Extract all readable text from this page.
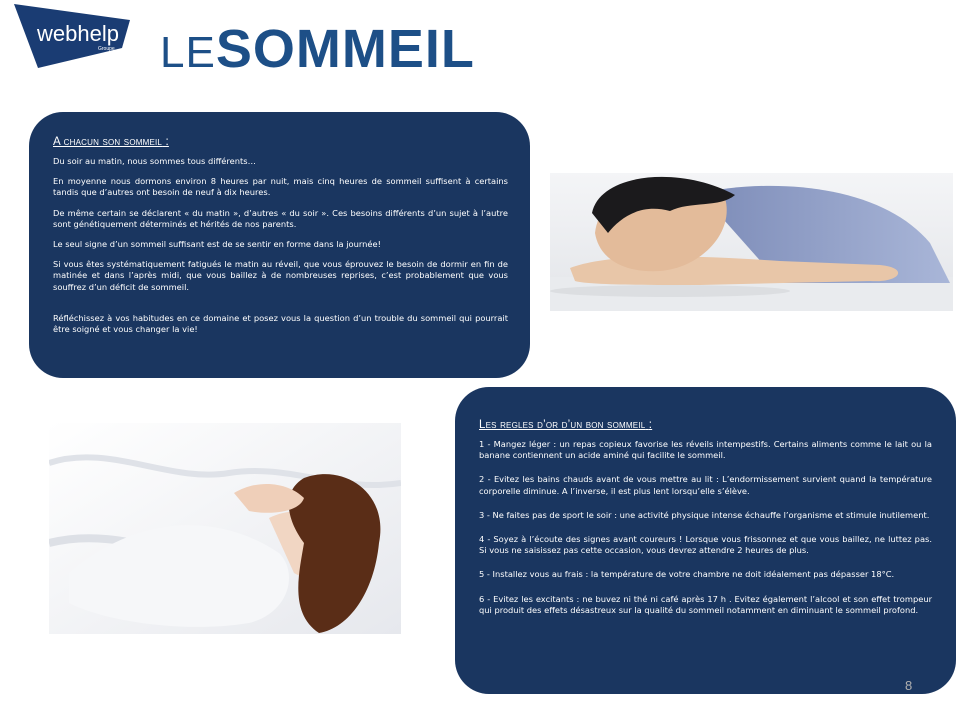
webhelp
Groupe LESOMMEIL
A chacun son sommeil :

Du soir au matin, nous sommes tous différents…

En moyenne nous dormons environ 8 heures par nuit, mais cinq heures de sommeil suffisent à certains tandis que d’autres ont besoin de neuf à dix heures.

De même certain se déclarent « du matin », d’autres « du soir ». Ces besoins différents d’un sujet à l’autre sont génétiquement déterminés et hérités de nos parents.

Le seul signe d’un sommeil suffisant est de se sentir en forme dans la journée!

Si vous êtes systématiquement fatigués le matin au réveil, que vous éprouvez le besoin de dormir en fin de matinée et dans l’après midi, que vous baillez à de nombreuses reprises, c’est probablement que vous souffrez d’un déficit de sommeil.

Réfléchissez à vos habitudes en ce domaine et posez vous la question d’un trouble du sommeil qui pourrait être soigné et vous changer la vie!

Les regles d’or d’un bon sommeil :

1 - Mangez léger : un repas copieux favorise les réveils intempestifs. Certains aliments comme le lait ou la banane contiennent un acide aminé qui facilite le sommeil.

2 - Evitez les bains chauds avant de vous mettre au lit : L’endormissement survient quand la température corporelle diminue. A l’inverse, il est plus lent lorsqu’elle s’élève.

3 - Ne faites pas de sport le soir : une activité physique intense échauffe l’organisme et stimule inutilement.

4 - Soyez à l’écoute des signes avant coureurs ! Lorsque vous frissonnez et que vous baillez, ne luttez pas. Si vous ne saisissez pas cette occasion, vous devrez attendre 2 heures de plus.

5 - Installez vous au frais : la température de votre chambre ne doit idéalement pas dépasser 18°C.

6 - Evitez les excitants : ne buvez ni thé ni café après 17 h . Evitez également l’alcool et son effet trompeur qui produit des effets désastreux sur la qualité du sommeil notamment en diminuant le sommeil profond.

8
